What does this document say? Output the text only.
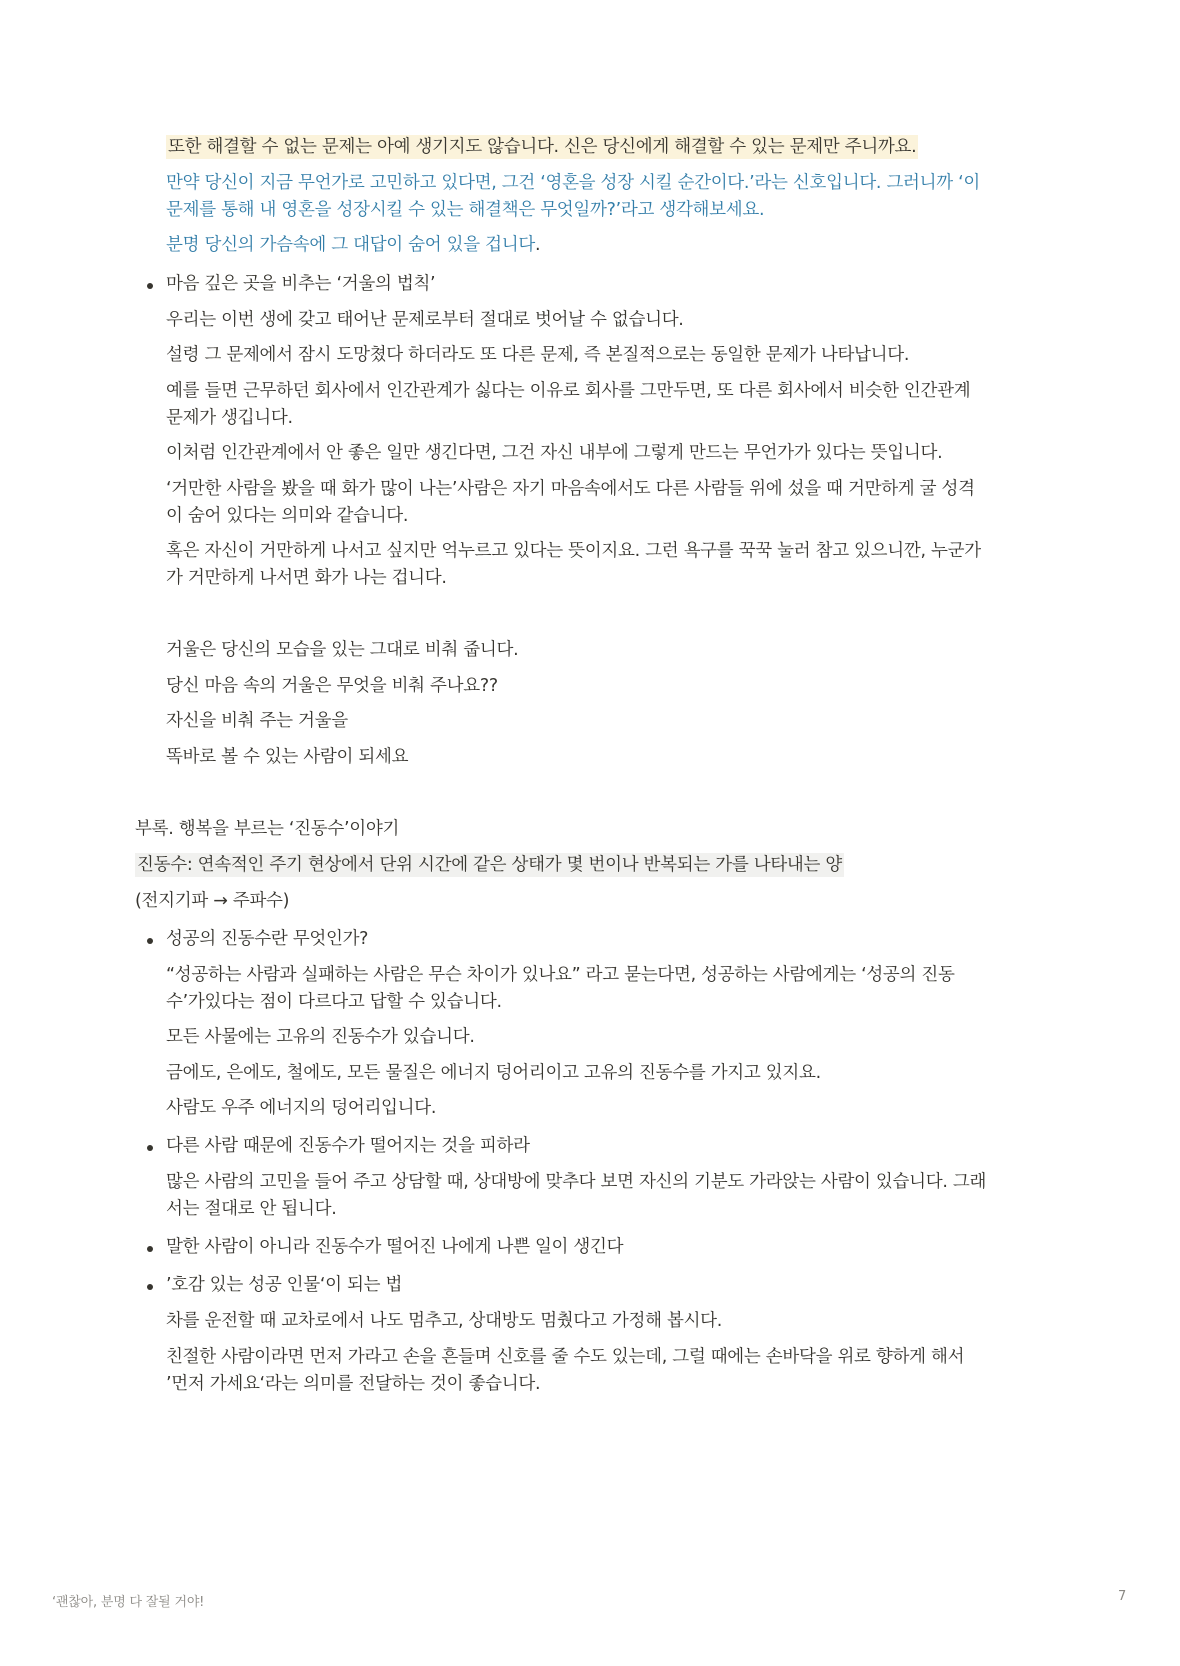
또한 해결할 수 없는 문제는 아예 생기지도 않습니다. 신은 당신에게 해결할 수 있는 문제만 주니까요.
만약 당신이 지금 무언가로 고민하고 있다면, 그건 ‘영혼을 성장 시킬 순간이다.’라는 신호입니다. 그러니까 ‘이
문제를 통해 내 영혼을 성장시킬 수 있는 해결책은 무엇일까?’라고 생각해보세요.
분명 당신의 가슴속에 그 대답이 숨어 있을 겁니다.
마음 깊은 곳을 비추는 ‘거울의 법칙’
우리는 이번 생에 갖고 태어난 문제로부터 절대로 벗어날 수 없습니다.
설령 그 문제에서 잠시 도망쳤다 하더라도 또 다른 문제, 즉 본질적으로는 동일한 문제가 나타납니다.
예를 들면 근무하던 회사에서 인간관계가 싫다는 이유로 회사를 그만두면, 또 다른 회사에서 비슷한 인간관계
문제가 생깁니다.
이처럼 인간관계에서 안 좋은 일만 생긴다면, 그건 자신 내부에 그렇게 만드는 무언가가 있다는 뜻입니다.
‘거만한 사람을 봤을 때 화가 많이 나는’사람은 자기 마음속에서도 다른 사람들 위에 섰을 때 거만하게 굴 성격
이 숨어 있다는 의미와 같습니다.
혹은 자신이 거만하게 나서고 싶지만 억누르고 있다는 뜻이지요. 그런 욕구를 꾹꾹 눌러 참고 있으니깐, 누군가
가 거만하게 나서면 화가 나는 겁니다.
거울은 당신의 모습을 있는 그대로 비춰 줍니다.
당신 마음 속의 거울은 무엇을 비춰 주나요??
자신을 비춰 주는 거울을
똑바로 볼 수 있는 사람이 되세요
부록. 행복을 부르는 ‘진동수’이야기
진동수: 연속적인 주기 현상에서 단위 시간에 같은 상태가 몇 번이나 반복되는 가를 나타내는 양
(전지기파 → 주파수)
성공의 진동수란 무엇인가?
“성공하는 사람과 실패하는 사람은 무슨 차이가 있나요” 라고 묻는다면, 성공하는 사람에게는 ‘성공의 진동
수’가있다는 점이 다르다고 답할 수 있습니다.
모든 사물에는 고유의 진동수가 있습니다.
금에도, 은에도, 철에도, 모든 물질은 에너지 덩어리이고 고유의 진동수를 가지고 있지요.
사람도 우주 에너지의 덩어리입니다.
다른 사람 때문에 진동수가 떨어지는 것을 피하라
많은 사람의 고민을 들어 주고 상담할 때, 상대방에 맞추다 보면 자신의 기분도 가라앉는 사람이 있습니다. 그래
서는 절대로 안 됩니다.
말한 사람이 아니라 진동수가 떨어진 나에게 나쁜 일이 생긴다
’호감 있는 성공 인물‘이 되는 법
차를 운전할 때 교차로에서 나도 멈추고, 상대방도 멈췄다고 가정해 봅시다.
친절한 사람이라면 먼저 가라고 손을 흔들며 신호를 줄 수도 있는데, 그럴 때에는 손바닥을 위로 향하게 해서
’먼저 가세요‘라는 의미를 전달하는 것이 좋습니다.
‘괜찮아, 분명 다 잘될 거야!	7
